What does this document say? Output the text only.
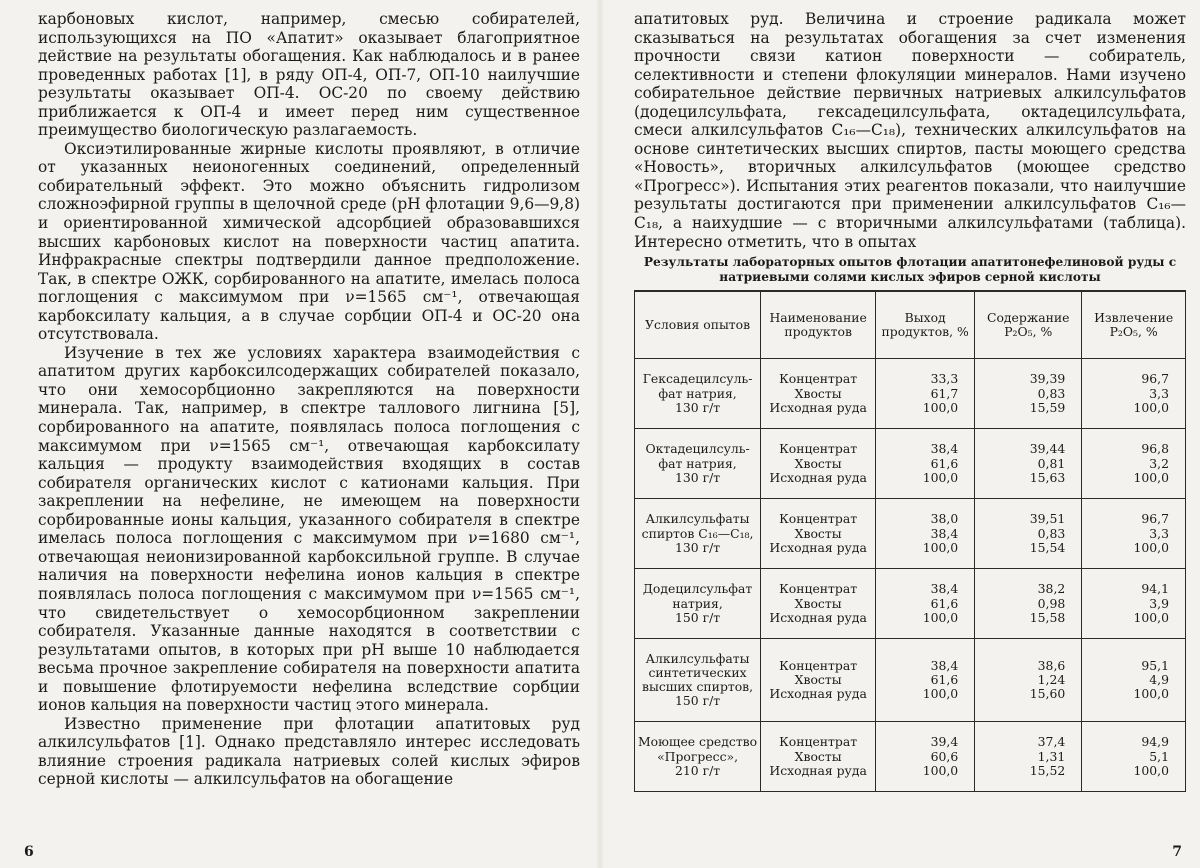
карбоновых кислот, например, смесью собирателей, использующихся на ПО «Апатит» оказывает благоприятное действие на результаты обогащения. Как наблюдалось и в ранее проведенных работах [1], в ряду ОП-4, ОП-7, ОП-10 наилучшие результаты оказывает ОП-4. ОС-20 по своему действию приближается к ОП-4 и имеет перед ним существенное преимущество биологическую разлагаемость.

Оксиэтилированные жирные кислоты проявляют, в отличие от указанных неионогенных соединений, определенный собирательный эффект. Это можно объяснить гидролизом сложноэфирной группы в щелочной среде (рН флотации 9,6—9,8) и ориентированной химической адсорбцией образовавшихся высших карбоновых кислот на поверхности частиц апатита. Инфракрасные спектры подтвердили данное предположение. Так, в спектре ОЖК, сорбированного на апатите, имелась полоса поглощения с максимумом при ν=1565 см⁻¹, отвечающая карбоксилату кальция, а в случае сорбции ОП-4 и ОС-20 она отсутствовала.

Изучение в тех же условиях характера взаимодействия с апатитом других карбоксилсодержащих собирателей показало, что они хемосорбционно закрепляются на поверхности минерала. Так, например, в спектре таллового лигнина [5], сорбированного на апатите, появлялась полоса поглощения с максимумом при ν=1565 см⁻¹, отвечающая карбоксилату кальция — продукту взаимодействия входящих в состав собирателя органических кислот с катионами кальция. При закреплении на нефелине, не имеющем на поверхности сорбированные ионы кальция, указанного собирателя в спектре имелась полоса поглощения с максимумом при ν=1680 см⁻¹, отвечающая неионизированной карбоксильной группе. В случае наличия на поверхности нефелина ионов кальция в спектре появлялась полоса поглощения с максимумом при ν=1565 см⁻¹, что свидетельствует о хемосорбционном закреплении собирателя. Указанные данные находятся в соответствии с результатами опытов, в которых при рН выше 10 наблюдается весьма прочное закрепление собирателя на поверхности апатита и повышение флотируемости нефелина вследствие сорбции ионов кальция на поверхности частиц этого минерала.

Известно применение при флотации апатитовых руд алкилсульфатов [1]. Однако представляло интерес исследовать влияние строения радикала натриевых солей кислых эфиров серной кислоты — алкилсульфатов на обогащение

6

апатитовых руд. Величина и строение радикала может сказываться на результатах обогащения за счет изменения прочности связи катион поверхности — собиратель, селективности и степени флокуляции минералов. Нами изучено собирательное действие первичных натриевых алкилсульфатов (додецилсульфата, гексадецилсульфата, октадецилсульфата, смеси алкилсульфатов C₁₆—C₁₈), технических алкилсульфатов на основе синтетических высших спиртов, пасты моющего средства «Новость», вторичных алкилсульфатов (моющее средство «Прогресс»). Испытания этих реагентов показали, что наилучшие результаты достигаются при применении алкилсульфатов C₁₆—C₁₈, а наихудшие — с вторичными алкилсульфатами (таблица). Интересно отметить, что в опытах

Результаты лабораторных опытов флотации апатитонефелиновой руды с натриевыми солями кислых эфиров серной кислоты
Условия опытов	Наименование продуктов	Выход продуктов, %	Содержание P₂O₅, %	Извлечение P₂O₅, %

Гексадецилсуль-
фат натрия,
130 г/т	Концентрат
Хвосты
Исходная руда	33,3
61,7
100,0	39,39
0,83
15,59	96,7
3,3
100,0

Октадецилсуль-
фат натрия,
130 г/т	Концентрат
Хвосты
Исходная руда	38,4
61,6
100,0	39,44
0,81
15,63	96,8
3,2
100,0

Алкилсульфаты
спиртов C₁₆—C₁₈,
130 г/т	Концентрат
Хвосты
Исходная руда	38,0
38,4
100,0	39,51
0,83
15,54	96,7
3,3
100,0

Додецилсульфат
натрия,
150 г/т	Концентрат
Хвосты
Исходная руда	38,4
61,6
100,0	38,2
0,98
15,58	94,1
3,9
100,0

Алкилсульфаты
синтетических
высших спиртов,
150 г/т	Концентрат
Хвосты
Исходная руда	38,4
61,6
100,0	38,6
1,24
15,60	95,1
4,9
100,0

Моющее средство
«Прогресс»,
210 г/т	Концентрат
Хвосты
Исходная руда	39,4
60,6
100,0	37,4
1,31
15,52	94,9
5,1
100,0
7
